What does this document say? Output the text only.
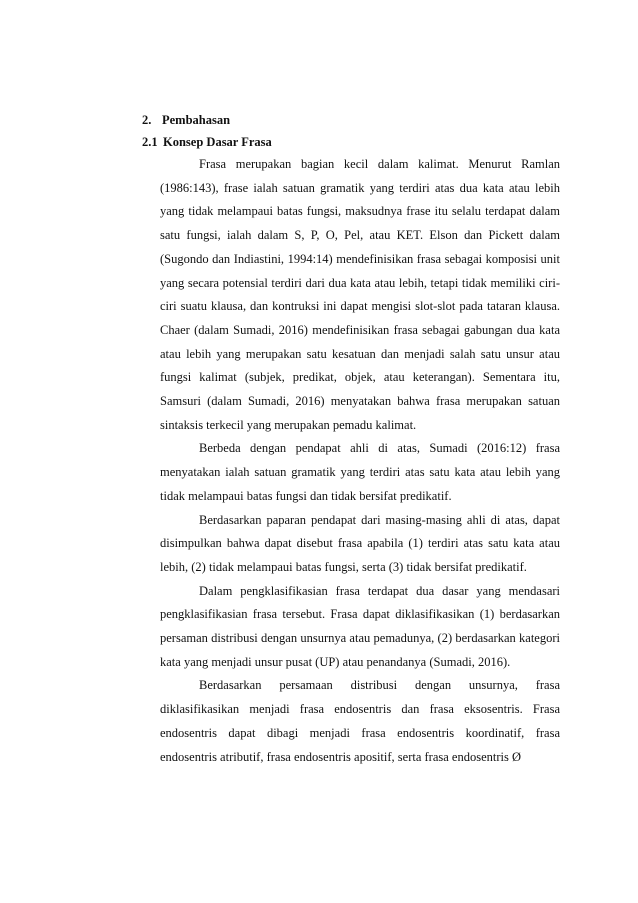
2. Pembahasan
2.1 Konsep Dasar Frasa

Frasa merupakan bagian kecil dalam kalimat. Menurut Ramlan (1986:143), frase ialah satuan gramatik yang terdiri atas dua kata atau lebih yang tidak melampaui batas fungsi, maksudnya frase itu selalu terdapat dalam satu fungsi, ialah dalam S, P, O, Pel, atau KET. Elson dan Pickett dalam (Sugondo dan Indiastini, 1994:14) mendefinisikan frasa sebagai komposisi unit yang secara potensial terdiri dari dua kata atau lebih, tetapi tidak memiliki ciri-ciri suatu klausa, dan kontruksi ini dapat mengisi slot-slot pada tataran klausa. Chaer (dalam Sumadi, 2016) mendefinisikan frasa sebagai gabungan dua kata atau lebih yang merupakan satu kesatuan dan menjadi salah satu unsur atau fungsi kalimat (subjek, predikat, objek, atau keterangan). Sementara itu, Samsuri (dalam Sumadi, 2016) menyatakan bahwa frasa merupakan satuan sintaksis terkecil yang merupakan pemadu kalimat.

Berbeda dengan pendapat ahli di atas, Sumadi (2016:12) frasa menyatakan ialah satuan gramatik yang terdiri atas satu kata atau lebih yang tidak melampaui batas fungsi dan tidak bersifat predikatif.

Berdasarkan paparan pendapat dari masing-masing ahli di atas, dapat disimpulkan bahwa dapat disebut frasa apabila (1) terdiri atas satu kata atau lebih, (2) tidak melampaui batas fungsi, serta (3) tidak bersifat predikatif.

Dalam pengklasifikasian frasa terdapat dua dasar yang mendasari pengklasifikasian frasa tersebut. Frasa dapat diklasifikasikan (1) berdasarkan persaman distribusi dengan unsurnya atau pemadunya, (2) berdasarkan kategori kata yang menjadi unsur pusat (UP) atau penandanya (Sumadi, 2016).

Berdasarkan persamaan distribusi dengan unsurnya, frasa diklasifikasikan menjadi frasa endosentris dan frasa eksosentris. Frasa endosentris dapat dibagi menjadi frasa endosentris koordinatif, frasa endosentris atributif, frasa endosentris apositif, serta frasa endosentris Ø
